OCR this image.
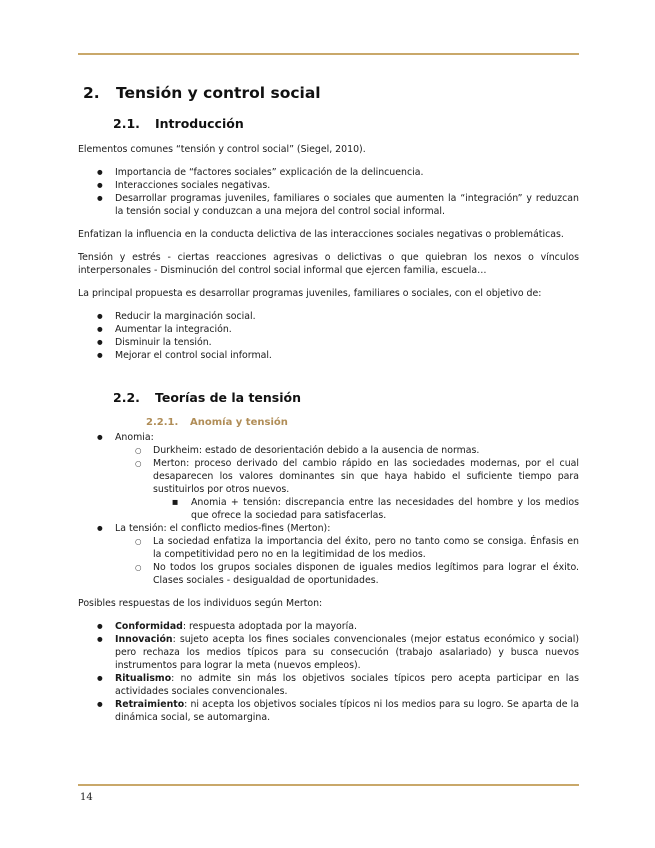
2.	Tensión y control social
2.1.	Introducción

Elementos comunes “tensión y control social” (Siegel, 2010).

● Importancia de “factores sociales” explicación de la delincuencia.
● Interacciones sociales negativas.
● Desarrollar programas juveniles, familiares o sociales que aumenten la “integración” y reduzcan la tensión social y conduzcan a una mejora del control social informal.

Enfatizan la influencia en la conducta delictiva de las interacciones sociales negativas o problemáticas.

Tensión y estrés - ciertas reacciones agresivas o delictivas o que quiebran los nexos o vínculos interpersonales - Disminución del control social informal que ejercen familia, escuela…

La principal propuesta es desarrollar programas juveniles, familiares o sociales, con el objetivo de:

● Reducir la marginación social.
● Aumentar la integración.
● Disminuir la tensión.
● Mejorar el control social informal.
2.2.	Teorías de la tensión
2.2.1.	Anomía y tensión
● Anomia:
○ Durkheim: estado de desorientación debido a la ausencia de normas.
○ Merton: proceso derivado del cambio rápido en las sociedades modernas, por el cual desaparecen los valores dominantes sin que haya habido el suficiente tiempo para sustituirlos por otros nuevos.
■ Anomia + tensión: discrepancia entre las necesidades del hombre y los medios que ofrece la sociedad para satisfacerlas.
● La tensión: el conflicto medios-fines (Merton):
○ La sociedad enfatiza la importancia del éxito, pero no tanto como se consiga. Énfasis en la competitividad pero no en la legitimidad de los medios.
○ No todos los grupos sociales disponen de iguales medios legítimos para lograr el éxito. Clases sociales - desigualdad de oportunidades.

Posibles respuestas de los individuos según Merton:

● Conformidad: respuesta adoptada por la mayoría.
● Innovación: sujeto acepta los fines sociales convencionales (mejor estatus económico y social) pero rechaza los medios típicos para su consecución (trabajo asalariado) y busca nuevos instrumentos para lograr la meta (nuevos empleos).
● Ritualismo: no admite sin más los objetivos sociales típicos pero acepta participar en las actividades sociales convencionales.
● Retraimiento: ni acepta los objetivos sociales típicos ni los medios para su logro. Se aparta de la dinámica social, se automargina.
14
